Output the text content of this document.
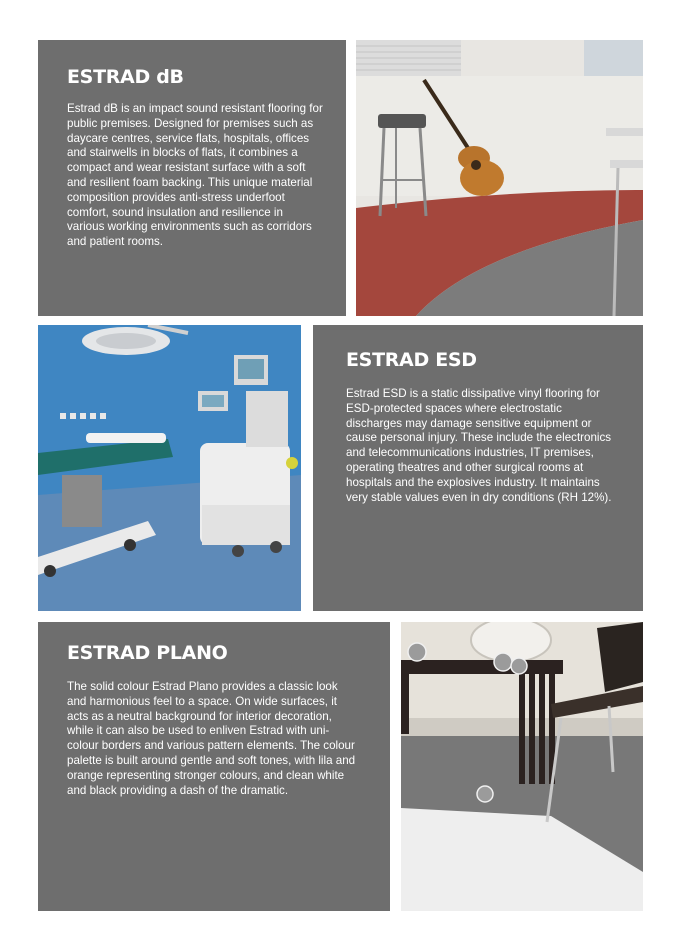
ESTRAD dB

Estrad dB is an impact sound resistant flooring for public premises. Designed for premises such as daycare centres, service flats, hospitals, offices and stairwells in blocks of flats, it combines a compact and wear resistant surface with a soft and resilient foam backing. This unique material composition provides anti-stress underfoot comfort, sound insulation and resilience in various working environments such as corridors and patient rooms.

ESTRAD ESD

Estrad ESD is a static dissipative vinyl flooring for ESD-protected spaces where electrostatic discharges may damage sensitive equipment or cause personal injury. These include the electronics and telecommunications industries, IT premises, operating theatres and other surgical rooms at hospitals and the explosives industry. It maintains very stable values even in dry conditions (RH 12%).

ESTRAD PLANO

The solid colour Estrad Plano provides a classic look and harmonious feel to a space. On wide surfaces, it acts as a neutral background for interior decoration, while it can also be used to enliven Estrad with uni-colour borders and various pattern elements. The colour palette is built around gentle and soft tones, with lila and orange representing stronger colours, and clean white and black providing a dash of the dramatic.
